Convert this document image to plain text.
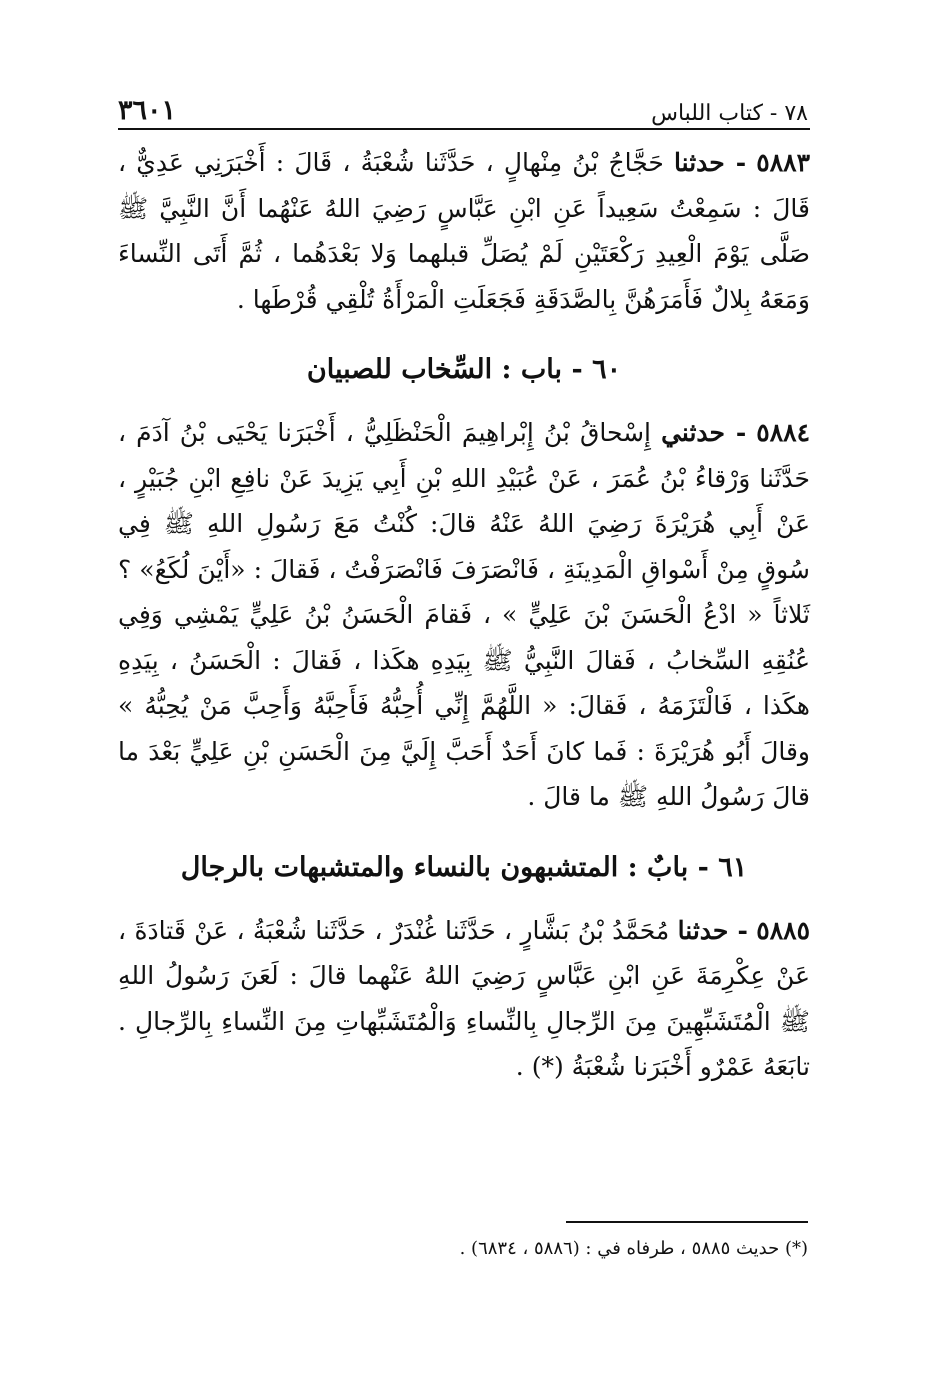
٧٨ - كتاب اللباس
٣٦٠١

٥٨٨٣ - حدثنا حَجَّاجُ بْنُ مِنْهالٍ ، حَدَّثَنا شُعْبَةُ ، قَالَ : أَخْبَرَنِي عَدِيٌّ ، قَالَ : سَمِعْتُ سَعِيداً عَنِ ابْنِ عَبَّاسٍ رَضِيَ اللهُ عَنْهُما أَنَّ النَّبِيَّ ﷺ صَلَّى يَوْمَ الْعِيدِ رَكْعَتَيْنِ لَمْ يُصَلِّ قبلهما وَلا بَعْدَهُما ، ثُمَّ أَتَى النِّساءَ وَمَعَهُ بِلالٌ فَأَمَرَهُنَّ بِالصَّدَقَةِ فَجَعَلَتِ الْمَرْأَةُ تُلْقِي قُرْطَها .

٦٠ - باب : السِّخاب للصبيان

٥٨٨٤ - حدثني إِسْحاقُ بْنُ إِبْراهِيمَ الْحَنْظَلِيُّ ، أَخْبَرَنا يَحْيَى بْنُ آدَمَ ، حَدَّثَنا وَرْقاءُ بْنُ عُمَرَ ، عَنْ عُبَيْدِ اللهِ بْنِ أَبِي يَزِيدَ عَنْ نافِعِ ابْنِ جُبَيْرٍ ، عَنْ أَبِي هُرَيْرَةَ رَضِيَ اللهُ عَنْهُ قالَ: كُنْتُ مَعَ رَسُولِ اللهِ ﷺ فِي سُوقٍ مِنْ أَسْواقِ الْمَدِينَةِ ، فَانْصَرَفَ فَانْصَرَفْتُ ، فَقالَ : «أَيْنَ لُكَعُ» ؟ ثَلاثاً « ادْعُ الْحَسَنَ بْنَ عَلِيٍّ » ، فَقامَ الْحَسَنُ بْنُ عَلِيٍّ يَمْشِي وَفِي عُنُقِهِ السِّخابُ ، فَقالَ النَّبِيُّ ﷺ بِيَدِهِ هكَذا ، فَقالَ : الْحَسَنُ ، بِيَدِهِ هكَذا ، فَالْتَزَمَهُ ، فَقالَ: « اللَّهُمَّ إِنِّي أُحِبُّهُ فَأَحِبَّهُ وَأَحِبَّ مَنْ يُحِبُّهُ » وقالَ أَبُو هُرَيْرَةَ : فَما كانَ أَحَدٌ أَحَبَّ إِلَيَّ مِنَ الْحَسَنِ بْنِ عَلِيٍّ بَعْدَ ما قالَ رَسُولُ اللهِ ﷺ ما قالَ .

٦١ - بابٌ : المتشبهون بالنساء والمتشبهات بالرجال

٥٨٨٥ - حدثنا مُحَمَّدُ بْنُ بَشَّارٍ ، حَدَّثَنا غُنْدَرٌ ، حَدَّثَنا شُعْبَةُ ، عَنْ قَتادَةَ ، عَنْ عِكْرِمَةَ عَنِ ابْنِ عَبَّاسٍ رَضِيَ اللهُ عَنْهما قالَ : لَعَنَ رَسُولُ اللهِ ﷺ الْمُتَشَبِّهِينَ مِنَ الرِّجالِ بِالنِّساءِ وَالْمُتَشَبِّهاتِ مِنَ النِّساءِ بِالرِّجالِ . تابَعَهُ عَمْرٌو أَخْبَرَنا شُعْبَةُ (*) .

(*) حديث ٥٨٨٥ ، طرفاه في : (٥٨٨٦ ، ٦٨٣٤) .
